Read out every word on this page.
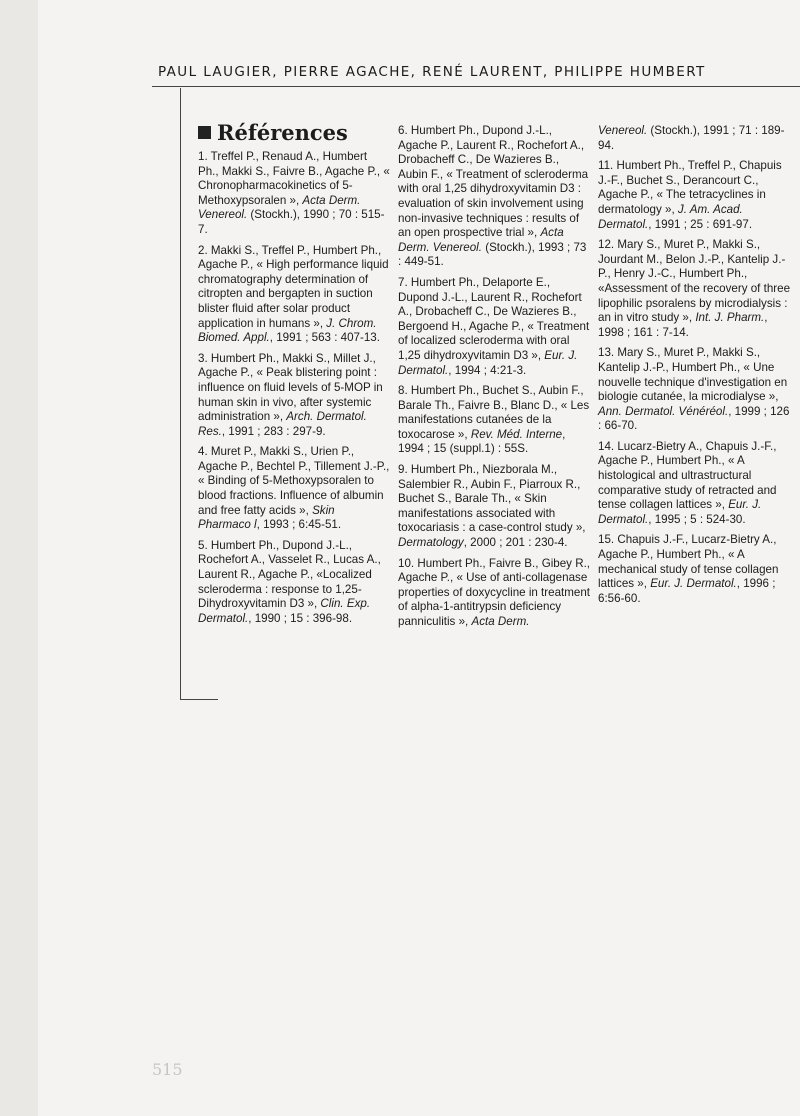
PAUL LAUGIER, PIERRE AGACHE, RENÉ LAURENT, PHILIPPE HUMBERT
Références
1. Treffel P., Renaud A., Humbert Ph., Makki S., Faivre B., Agache P., « Chronopharmacokinetics of 5-Methoxypsoralen », Acta Derm. Venereol. (Stockh.), 1990 ; 70 : 515-7.
2. Makki S., Treffel P., Humbert Ph., Agache P., « High performance liquid chromatography determination of citropten and bergapten in suction blister fluid after solar product application in humans », J. Chrom. Biomed. Appl., 1991 ; 563 : 407-13.
3. Humbert Ph., Makki S., Millet J., Agache P., « Peak blistering point : influence on fluid levels of 5-MOP in human skin in vivo, after systemic administration », Arch. Dermatol. Res., 1991 ; 283 : 297-9.
4. Muret P., Makki S., Urien P., Agache P., Bechtel P., Tillement J.-P., « Binding of 5-Methoxypsoralen to blood fractions. Influence of albumin and free fatty acids », Skin Pharmaco l, 1993 ; 6:45-51.
5. Humbert Ph., Dupond J.-L., Rochefort A., Vasselet R., Lucas A., Laurent R., Agache P., «Localized scleroderma : response to 1,25-Dihydroxyvitamin D3 », Clin. Exp. Dermatol., 1990 ; 15 : 396-98.
6. Humbert Ph., Dupond J.-L., Agache P., Laurent R., Rochefort A., Drobacheff C., De Wazieres B., Aubin F., « Treatment of scleroderma with oral 1,25 dihydroxyvitamin D3 : evaluation of skin involvement using non-invasive techniques : results of an open prospective trial », Acta Derm. Venereol. (Stockh.), 1993 ; 73 : 449-51.
7. Humbert Ph., Delaporte E., Dupond J.-L., Laurent R., Rochefort A., Drobacheff C., De Wazieres B., Bergoend H., Agache P., « Treatment of localized scleroderma with oral 1,25 dihydroxyvitamin D3 », Eur. J. Dermatol., 1994 ; 4:21-3.
8. Humbert Ph., Buchet S., Aubin F., Barale Th., Faivre B., Blanc D., « Les manifestations cutanées de la toxocarose », Rev. Méd. Interne, 1994 ; 15 (suppl.1) : 55S.
9. Humbert Ph., Niezborala M., Salembier R., Aubin F., Piarroux R., Buchet S., Barale Th., « Skin manifestations associated with toxocariasis : a case-control study », Dermatology, 2000 ; 201 : 230-4.
10. Humbert Ph., Faivre B., Gibey R., Agache P., « Use of anti-collagenase properties of doxycycline in treatment of alpha-1-antitrypsin deficiency panniculitis », Acta Derm.
Venereol. (Stockh.), 1991 ; 71 : 189-94.
11. Humbert Ph., Treffel P., Chapuis J.-F., Buchet S., Derancourt C., Agache P., « The tetracyclines in dermatology », J. Am. Acad. Dermatol., 1991 ; 25 : 691-97.
12. Mary S., Muret P., Makki S., Jourdant M., Belon J.-P., Kantelip J.-P., Henry J.-C., Humbert Ph., «Assessment of the recovery of three lipophilic psoralens by microdialysis : an in vitro study », Int. J. Pharm., 1998 ; 161 : 7-14.
13. Mary S., Muret P., Makki S., Kantelip J.-P., Humbert Ph., « Une nouvelle technique d'investigation en biologie cutanée, la microdialyse », Ann. Dermatol. Vénéréol., 1999 ; 126 : 66-70.
14. Lucarz-Bietry A., Chapuis J.-F., Agache P., Humbert Ph., « A histological and ultrastructural comparative study of retracted and tense collagen lattices », Eur. J. Dermatol., 1995 ; 5 : 524-30.
15. Chapuis J.-F., Lucarz-Bietry A., Agache P., Humbert Ph., « A mechanical study of tense collagen lattices », Eur. J. Dermatol., 1996 ; 6:56-60.
515
